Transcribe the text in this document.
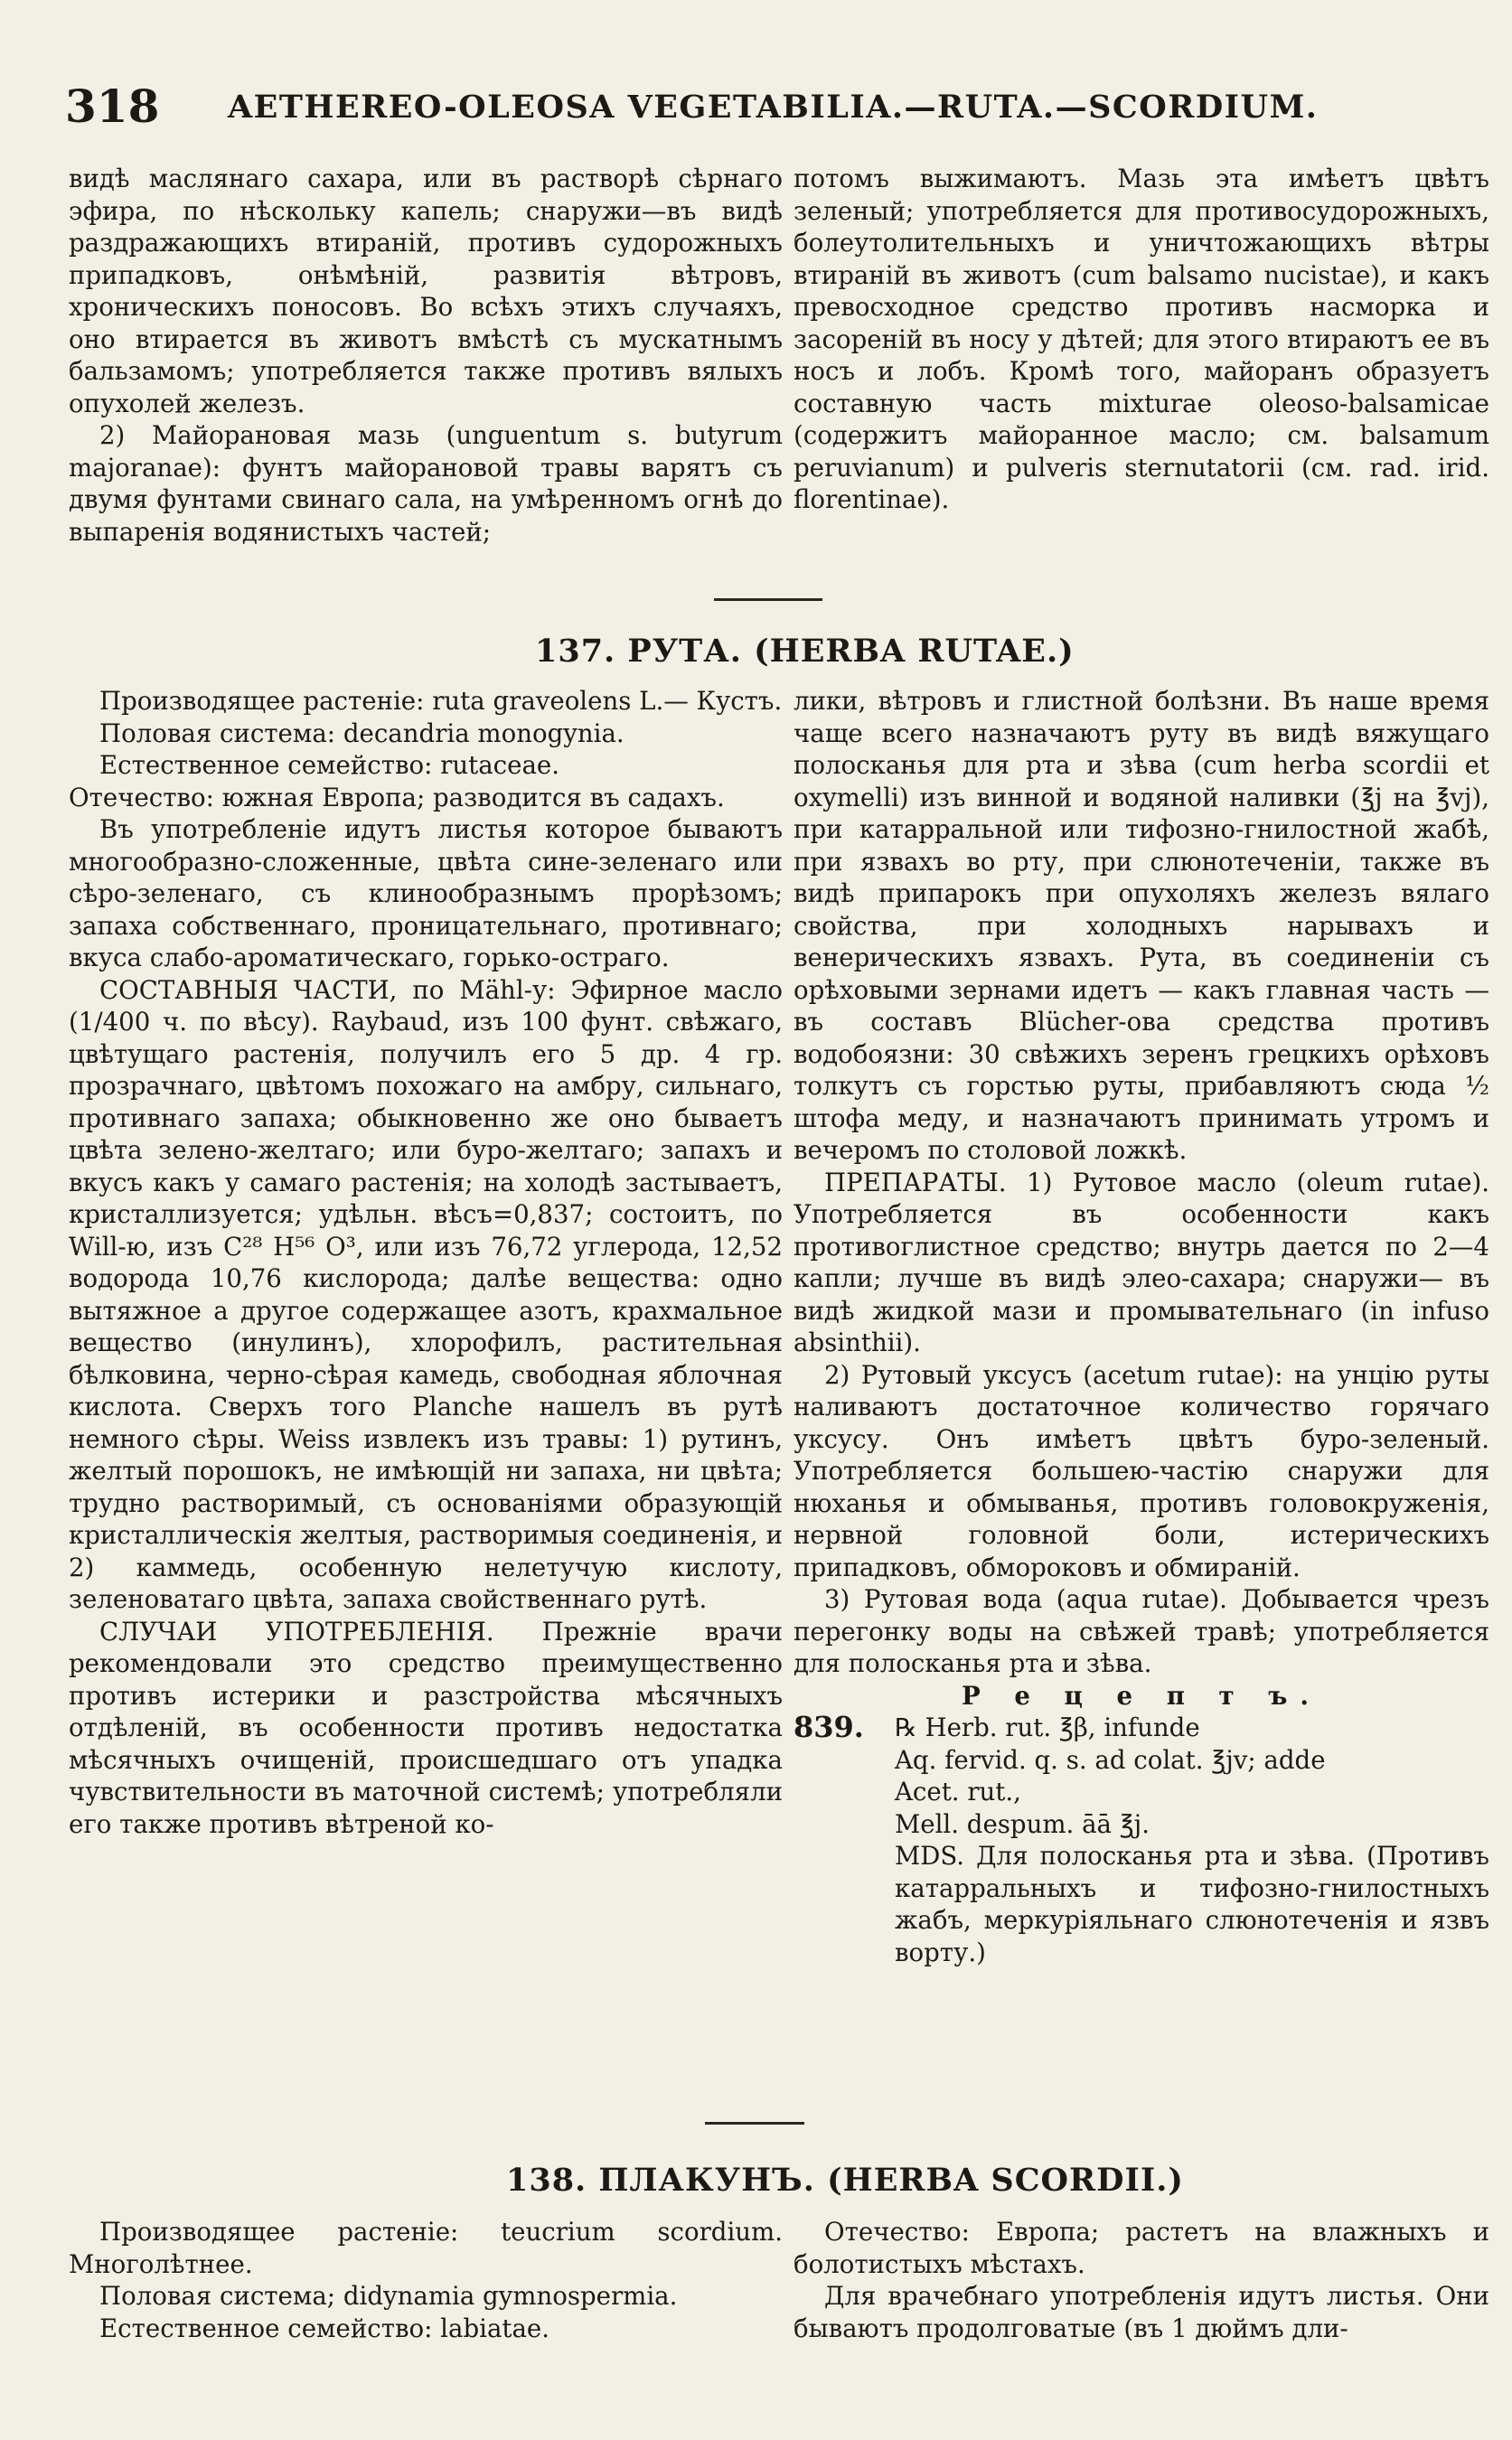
318 AETHEREO-OLEOSA VEGETABILIA.—RUTA.—SCORDIUM.

видѣ маслянаго сахара, или въ растворѣ сѣрнаго эфира, по нѣскольку капель; снаружи—въ видѣ раздражающихъ втираній, противъ судорожныхъ припадковъ, онѣмѣній, развитія вѣтровъ, хроническихъ поносовъ. Во всѣхъ этихъ случаяхъ, оно втирается въ животъ вмѣстѣ съ мускатнымъ бальзамомъ; употребляется также противъ вялыхъ опухолей железъ.

2) Майорановая мазь (unguentum s. butyrum majoranae): фунтъ майорановой травы варятъ съ двумя фунтами свинаго сала, на умѣренномъ огнѣ до выпаренія водянистыхъ частей;

потомъ выжимаютъ. Мазь эта имѣетъ цвѣтъ зеленый; употребляется для противосудорожныхъ, болеутолительныхъ и уничтожающихъ вѣтры втираній въ животъ (cum balsamo nucistae), и какъ превосходное средство противъ насморка и засореній въ носу у дѣтей; для этого втираютъ ее въ носъ и лобъ. Кромѣ того, майоранъ образуетъ составную часть mixturae oleoso-balsamicae (содержитъ майоранное масло; см. balsamum peruvianum) и pulveris sternutatorii (см. rad. irid. florentinae).

137. РУТА. (HERBA RUTAE.)

Производящее растеніе: ruta graveolens L.— Кустъ.

Половая система: decandria monogynia.

Естественное семейство: rutaceae.

Отечество: южная Европа; разводится въ садахъ.

Въ употребленіе идутъ листья которое бываютъ многообразно-сложенные, цвѣта сине-зеленаго или сѣро-зеленаго, съ клинообразнымъ прорѣзомъ; запаха собственнаго, проницательнаго, противнаго; вкуса слабо-ароматическаго, горько-остраго.

СОСТАВНЫЯ ЧАСТИ, по Mähl-у: Эфирное масло (1/400 ч. по вѣсу). Raybaud, изъ 100 фунт. свѣжаго, цвѣтущаго растенія, получилъ его 5 др. 4 гр. прозрачнаго, цвѣтомъ похожаго на амбру, сильнаго, противнаго запаха; обыкновенно же оно бываетъ цвѣта зелено-желтаго; или буро-желтаго; запахъ и вкусъ какъ у самаго растенія; на холодѣ застываетъ, кристаллизуется; удѣльн. вѣсъ=0,837; состоитъ, по Will-ю, изъ C²⁸ H⁵⁶ O³, или изъ 76,72 углерода, 12,52 водорода 10,76 кислорода; далѣе вещества: одно вытяжное а другое содержащее азотъ, крахмальное вещество (инулинъ), хлорофилъ, растительная бѣлковина, черно-сѣрая камедь, свободная яблочная кислота. Сверхъ того Planche нашелъ въ рутѣ немного сѣры. Weiss извлекъ изъ травы: 1) рутинъ, желтый порошокъ, не имѣющій ни запаха, ни цвѣта; трудно растворимый, съ основаніями образующій кристаллическія желтыя, растворимыя соединенія, и 2) каммедь, особенную нелетучую кислоту, зеленоватаго цвѣта, запаха свойственнаго рутѣ.

СЛУЧАИ УПОТРЕБЛЕНІЯ. Прежніе врачи рекомендовали это средство преимущественно противъ истерики и разстройства мѣсячныхъ отдѣленій, въ особенности противъ недостатка мѣсячныхъ очищеній, происшедшаго отъ упадка чувствительности въ маточной системѣ; употребляли его также противъ вѣтреной ко-

лики, вѣтровъ и глистной болѣзни. Въ наше время чаще всего назначаютъ руту въ видѣ вяжущаго полосканья для рта и зѣва (cum herba scordii et oxymelli) изъ винной и водяной наливки (℥j на ℥vj), при катарральной или тифозно-гнилостной жабѣ, при язвахъ во рту, при слюнотеченіи, также въ видѣ припарокъ при опухоляхъ железъ вялаго свойства, при холодныхъ нарывахъ и венерическихъ язвахъ. Рута, въ соединеніи съ орѣховыми зернами идетъ — какъ главная часть — въ составъ Blücher-ова средства противъ водобоязни: 30 свѣжихъ зеренъ грецкихъ орѣховъ толкутъ съ горстью руты, прибавляютъ сюда ½ штофа меду, и назначаютъ принимать утромъ и вечеромъ по столовой ложкѣ.

ПРЕПАРАТЫ. 1) Рутовое масло (oleum rutae). Употребляется въ особенности какъ противоглистное средство; внутрь дается по 2—4 капли; лучше въ видѣ элео-сахара; снаружи— въ видѣ жидкой мази и промывательнаго (in infuso absinthii).

2) Рутовый уксусъ (acetum rutae): на унцію руты наливаютъ достаточное количество горячаго уксусу. Онъ имѣетъ цвѣтъ буро-зеленый. Употребляется большею-частію снаружи для нюханья и обмыванья, противъ головокруженія, нервной головной боли, истерическихъ припадковъ, обмороковъ и обмираній.

3) Рутовая вода (aqua rutae). Добывается чрезъ перегонку воды на свѣжей травѣ; употребляется для полосканья рта и зѣва.

Р е ц е п т ъ.

839.	℞ Herb. rut. ℥β, infunde

Aq. fervid. q. s. ad colat. ℥jv; adde

Acet. rut.,

Mell. despum. āā ℥j.

MDS. Для полосканья рта и зѣва. (Противъ катарральныхъ и тифозно-гнилостныхъ жабъ, меркуріяльнаго слюнотеченія и язвъ ворту.)

138. ПЛАКУНЪ. (HERBA SCORDII.)

Производящее растеніе: teucrium scordium. Многолѣтнее.

Половая система; didynamia gymnospermia.

Естественное семейство: labiatae.

Отечество: Европа; растетъ на влажныхъ и болотистыхъ мѣстахъ.

Для врачебнаго употребленія идутъ листья. Они бываютъ продолговатые (въ 1 дюймъ дли-
